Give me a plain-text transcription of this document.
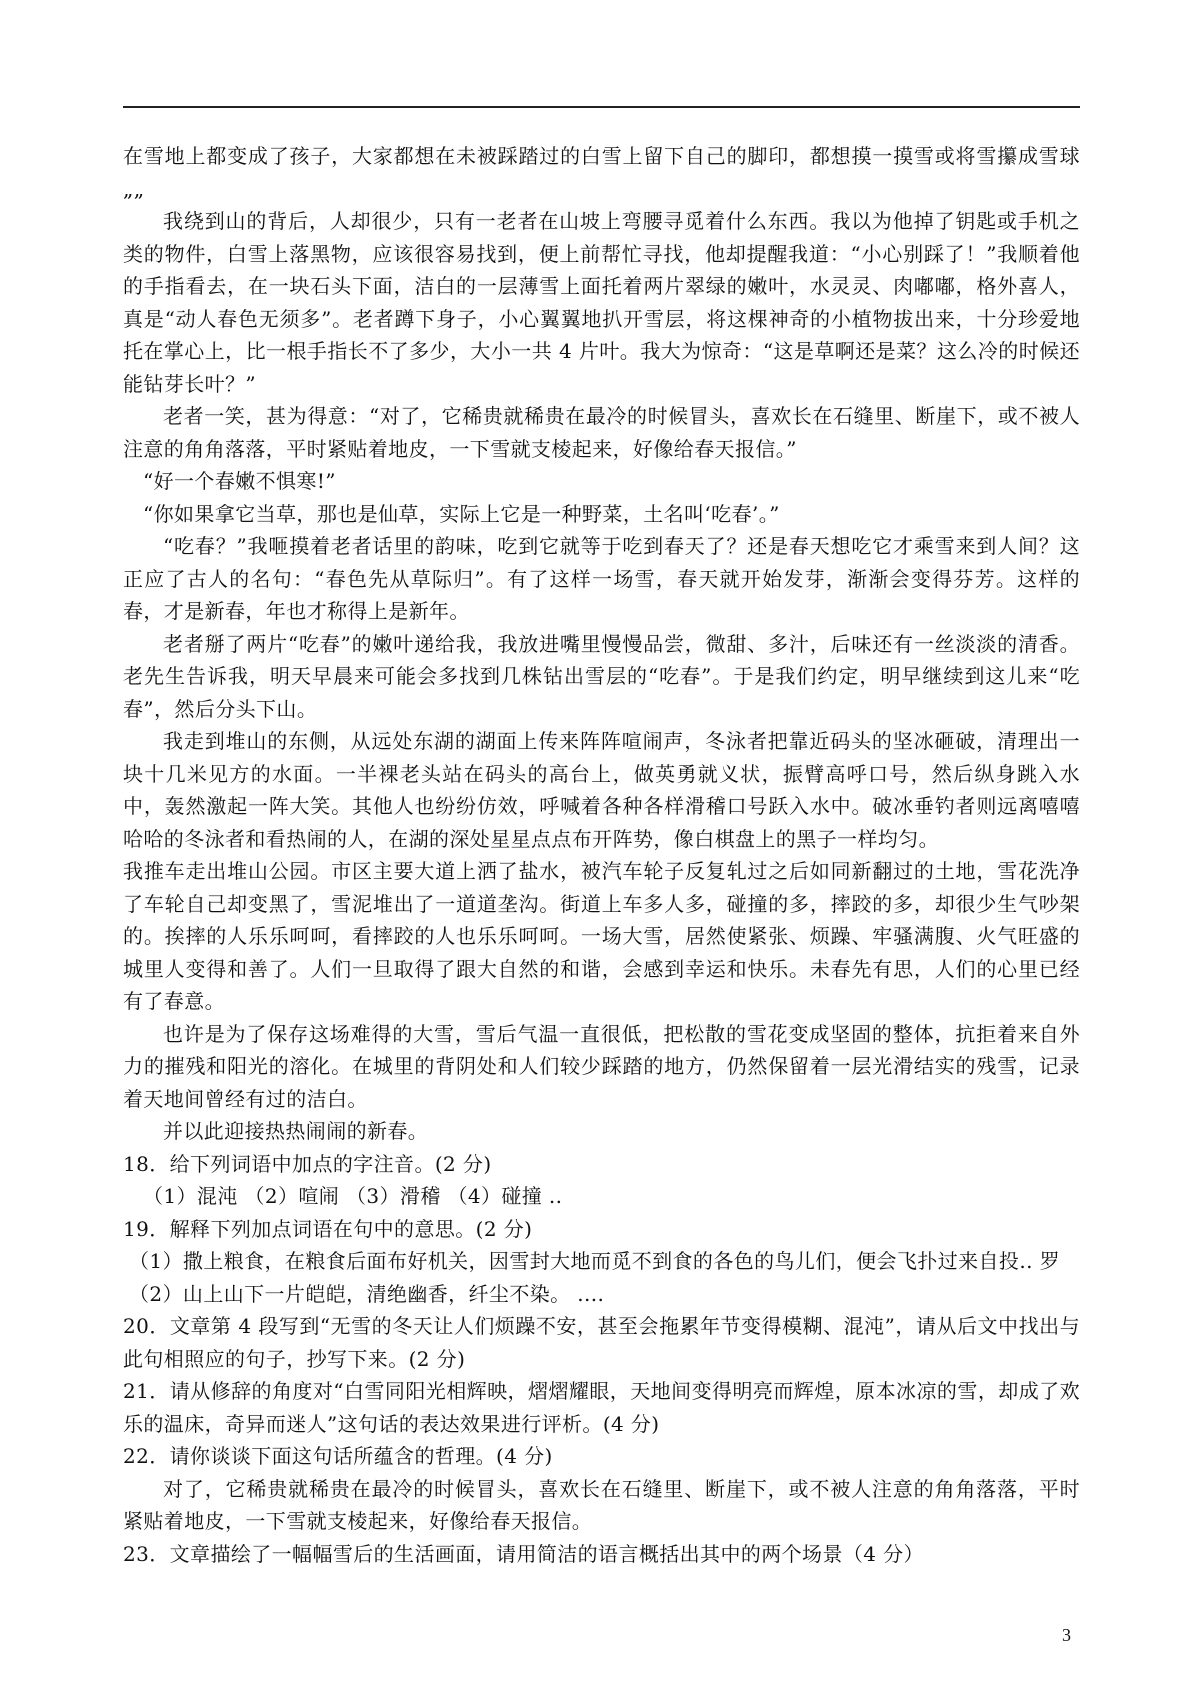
在雪地上都变成了孩子，大家都想在未被踩踏过的白雪上留下自己的脚印，都想摸一摸雪或将雪攥成雪球„„

我绕到山的背后，人却很少，只有一老者在山坡上弯腰寻觅着什么东西。我以为他掉了钥匙或手机之类的物件，白雪上落黑物，应该很容易找到，便上前帮忙寻找，他却提醒我道：“小心别踩了！”我顺着他的手指看去，在一块石头下面，洁白的一层薄雪上面托着两片翠绿的嫩叶，水灵灵、肉嘟嘟，格外喜人，真是“动人春色无须多”。老者蹲下身子，小心翼翼地扒开雪层，将这棵神奇的小植物拔出来，十分珍爱地托在掌心上，比一根手指长不了多少，大小一共 4 片叶。我大为惊奇：“这是草啊还是菜？这么冷的时候还能钻芽长叶？”

老者一笑，甚为得意：“对了，它稀贵就稀贵在最冷的时候冒头，喜欢长在石缝里、断崖下，或不被人注意的角角落落，平时紧贴着地皮，一下雪就支棱起来，好像给春天报信。”

“好一个春嫩不惧寒!”

“你如果拿它当草，那也是仙草，实际上它是一种野菜，土名叫‘吃春’。”

“吃春？”我咂摸着老者话里的韵味，吃到它就等于吃到春天了？还是春天想吃它才乘雪来到人间？这正应了古人的名句：“春色先从草际归”。有了这样一场雪，春天就开始发芽，渐渐会变得芬芳。这样的春，才是新春，年也才称得上是新年。

老者掰了两片“吃春”的嫩叶递给我，我放进嘴里慢慢品尝，微甜、多汁，后味还有一丝淡淡的清香。老先生告诉我，明天早晨来可能会多找到几株钻出雪层的“吃春”。于是我们约定，明早继续到这儿来“吃春”，然后分头下山。

我走到堆山的东侧，从远处东湖的湖面上传来阵阵喧闹声，冬泳者把靠近码头的坚冰砸破，清理出一块十几米见方的水面。一半裸老头站在码头的高台上，做英勇就义状，振臂高呼口号，然后纵身跳入水中，轰然激起一阵大笑。其他人也纷纷仿效，呼喊着各种各样滑稽口号跃入水中。破冰垂钓者则远离嘻嘻哈哈的冬泳者和看热闹的人，在湖的深处星星点点布开阵势，像白棋盘上的黑子一样均匀。

我推车走出堆山公园。市区主要大道上洒了盐水，被汽车轮子反复轧过之后如同新翻过的土地，雪花洗净了车轮自己却变黑了，雪泥堆出了一道道垄沟。街道上车多人多，碰撞的多，摔跤的多，却很少生气吵架的。挨摔的人乐乐呵呵，看摔跤的人也乐乐呵呵。一场大雪，居然使紧张、烦躁、牢骚满腹、火气旺盛的城里人变得和善了。人们一旦取得了跟大自然的和谐，会感到幸运和快乐。未春先有思，人们的心里已经有了春意。

也许是为了保存这场难得的大雪，雪后气温一直很低，把松散的雪花变成坚固的整体，抗拒着来自外力的摧残和阳光的溶化。在城里的背阴处和人们较少踩踏的地方，仍然保留着一层光滑结实的残雪，记录着天地间曾经有过的洁白。

并以此迎接热热闹闹的新春。

18．给下列词语中加点的字注音。(2 分)

（1）混沌 （2）喧闹 （3）滑稽 （4）碰撞 ..

19．解释下列加点词语在句中的意思。(2 分)

（1）撒上粮食，在粮食后面布好机关，因雪封大地而觅不到食的各色的鸟儿们，便会飞扑过来自投.. 罗

（2）山上山下一片皑皑，清绝幽香，纤尘不染。 ....

20．文章第 4 段写到“无雪的冬天让人们烦躁不安，甚至会拖累年节变得模糊、混沌”，请从后文中找出与此句相照应的句子，抄写下来。(2 分)

21．请从修辞的角度对“白雪同阳光相辉映，熠熠耀眼，天地间变得明亮而辉煌，原本冰凉的雪，却成了欢乐的温床，奇异而迷人”这句话的表达效果进行评析。(4 分)

22．请你谈谈下面这句话所蕴含的哲理。(4 分)

对了，它稀贵就稀贵在最冷的时候冒头，喜欢长在石缝里、断崖下，或不被人注意的角角落落，平时紧贴着地皮，一下雪就支棱起来，好像给春天报信。

23．文章描绘了一幅幅雪后的生活画面，请用简洁的语言概括出其中的两个场景（4 分）

3
